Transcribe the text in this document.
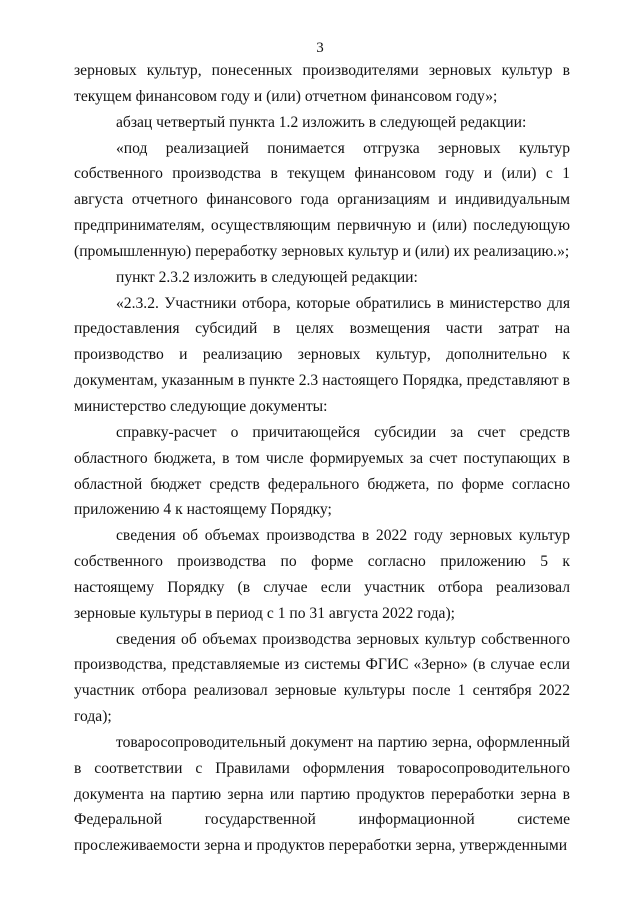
3

зерновых культур, понесенных производителями зерновых культур в текущем финансовом году и (или) отчетном финансовом году»;

абзац четвертый пункта 1.2 изложить в следующей редакции:

«под реализацией понимается отгрузка зерновых культур собственного производства в текущем финансовом году и (или) с 1 августа отчетного финансового года организациям и индивидуальным предпринимателям, осуществляющим первичную и (или) последующую (промышленную) переработку зерновых культур и (или) их реализацию.»;

пункт 2.3.2 изложить в следующей редакции:

«2.3.2. Участники отбора, которые обратились в министерство для предоставления субсидий в целях возмещения части затрат на производство и реализацию зерновых культур, дополнительно к документам, указанным в пункте 2.3 настоящего Порядка, представляют в министерство следующие документы:

справку-расчет о причитающейся субсидии за счет средств областного бюджета, в том числе формируемых за счет поступающих в областной бюджет средств федерального бюджета, по форме согласно приложению 4 к настоящему Порядку;

сведения об объемах производства в 2022 году зерновых культур собственного производства по форме согласно приложению 5 к настоящему Порядку (в случае если участник отбора реализовал зерновые культуры в период с 1 по 31 августа 2022 года);

сведения об объемах производства зерновых культур собственного производства, представляемые из системы ФГИС «Зерно» (в случае если участник отбора реализовал зерновые культуры после 1 сентября 2022 года);

товаросопроводительный документ на партию зерна, оформленный в соответствии с Правилами оформления товаросопроводительного документа на партию зерна или партию продуктов переработки зерна в Федеральной государственной информационной системе прослеживаемости зерна и продуктов переработки зерна, утвержденными
